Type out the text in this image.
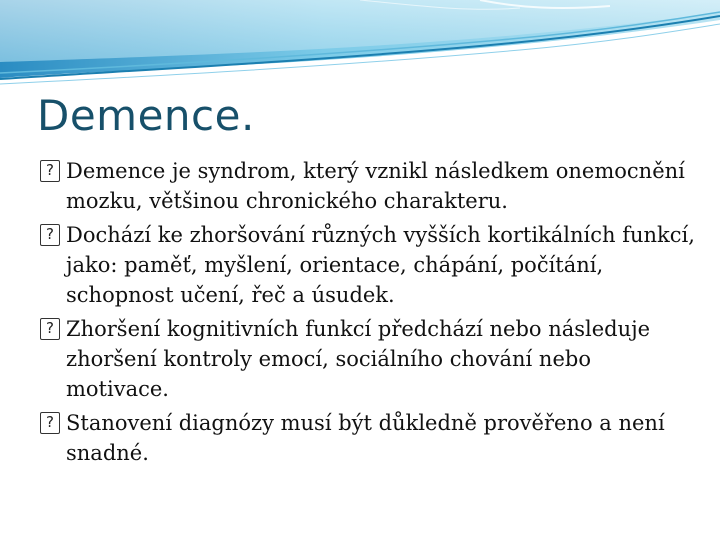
Demence.
? Demence je syndrom, který vznikl následkem onemocnění mozku, většinou chronického charakteru.
? Dochází ke zhoršování různých vyšších kortikálních funkcí, jako: paměť, myšlení, orientace, chápání, počítání, schopnost učení, řeč a úsudek.
? Zhoršení kognitivních funkcí předchází nebo následuje zhoršení kontroly emocí, sociálního chování nebo motivace.
? Stanovení diagnózy musí být důkledně prověřeno a není snadné.
